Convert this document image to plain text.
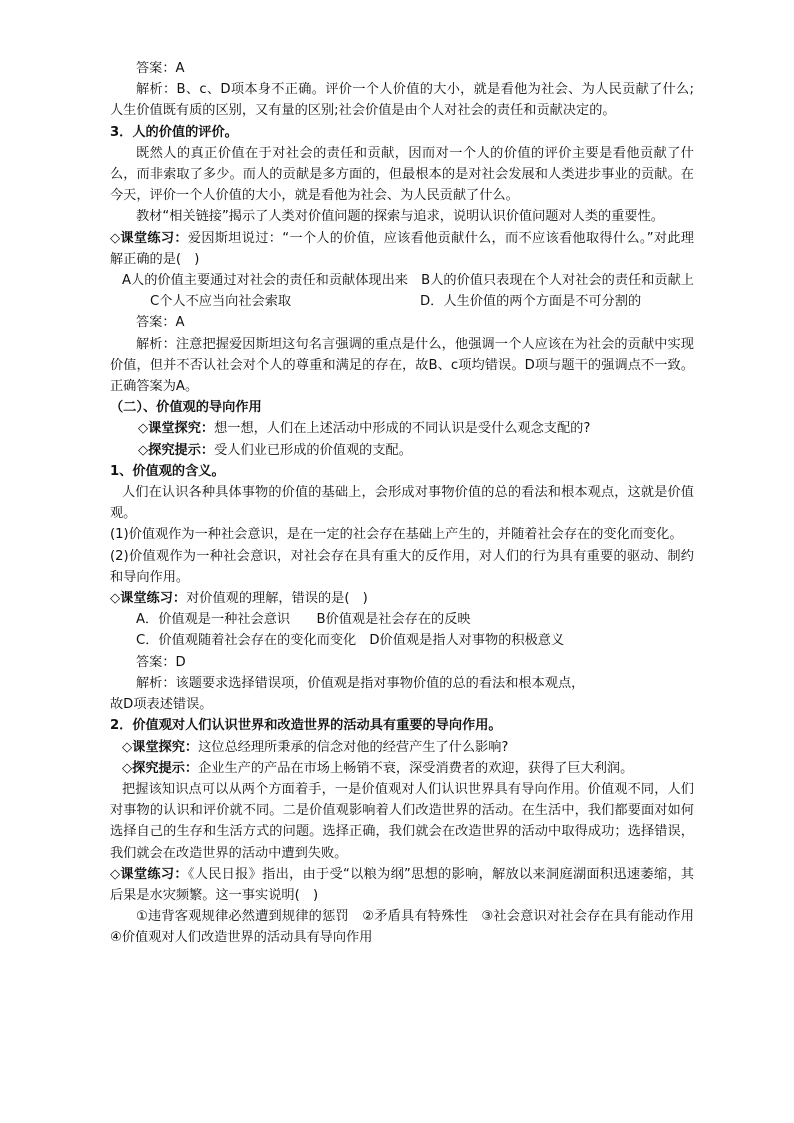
答案：A

解析：B、c、D项本身不正确。评价一个人价值的大小，就是看他为社会、为人民贡献了什么;人生价值既有质的区别，又有量的区别;社会价值是由个人对社会的责任和贡献决定的。

3．人的价值的评价。

既然人的真正价值在于对社会的责任和贡献，因而对一个人的价值的评价主要是看他贡献了什么，而非索取了多少。而人的贡献是多方面的，但最根本的是对社会发展和人类进步事业的贡献。在今天，评价一个人价值的大小，就是看他为社会、为人民贡献了什么。

教材“相关链接”揭示了人类对价值问题的探索与追求，说明认识价值问题对人类的重要性。

◇课堂练习：爱因斯坦说过：“一个人的价值，应该看他贡献什么，而不应该看他取得什么。”对此理解正确的是(　)

A人的价值主要通过对社会的责任和贡献体现出来　B人的价值只表现在个人对社会的责任和贡献上

C个人不应当向社会索取	D．人生价值的两个方面是不可分割的

答案：A

解析：注意把握爱因斯坦这句名言强调的重点是什么，他强调一个人应该在为社会的贡献中实现价值，但并不否认社会对个人的尊重和满足的存在，故B、c项均错误。D项与题干的强调点不一致。正确答案为A。

（二）、价值观的导向作用

◇课堂探究：想一想，人们在上述活动中形成的不同认识是受什么观念支配的?

◇探究提示：受人们业已形成的价值观的支配。

1、价值观的含义。

人们在认识各种具体事物的价值的基础上，会形成对事物价值的总的看法和根本观点，这就是价值观。

(1)价值观作为一种社会意识，是在一定的社会存在基础上产生的，并随着社会存在的变化而变化。

(2)价值观作为一种社会意识，对社会存在具有重大的反作用，对人们的行为具有重要的驱动、制约和导向作用。

◇课堂练习：对价值观的理解，错误的是(　)

A．价值观是一种社会意识　　B价值观是社会存在的反映

C．价值观随着社会存在的变化而变化　D价值观是指人对事物的积极意义

答案：D

解析：该题要求选择错误项，价值观是指对事物价值的总的看法和根本观点，

故D项表述错误。

2．价值观对人们认识世界和改造世界的活动具有重要的导向作用。

◇课堂探究：这位总经理所秉承的信念对他的经营产生了什么影响?

◇探究提示：企业生产的产品在市场上畅销不衰，深受消费者的欢迎，获得了巨大利润。

把握该知识点可以从两个方面着手，一是价值观对人们认识世界具有导向作用。价值观不同，人们对事物的认识和评价就不同。二是价值观影响着人们改造世界的活动。在生活中，我们都要面对如何选择自己的生存和生活方式的问题。选择正确，我们就会在改造世界的活动中取得成功；选择错误，我们就会在改造世界的活动中遭到失败。

◇课堂练习：《人民日报》指出，由于受“以粮为纲”思想的影响，解放以来洞庭湖面积迅速萎缩，其后果是水灾频繁。这一事实说明(　)

①违背客观规律必然遭到规律的惩罚　②矛盾具有特殊性　③社会意识对社会存在具有能动作用④价值观对人们改造世界的活动具有导向作用
